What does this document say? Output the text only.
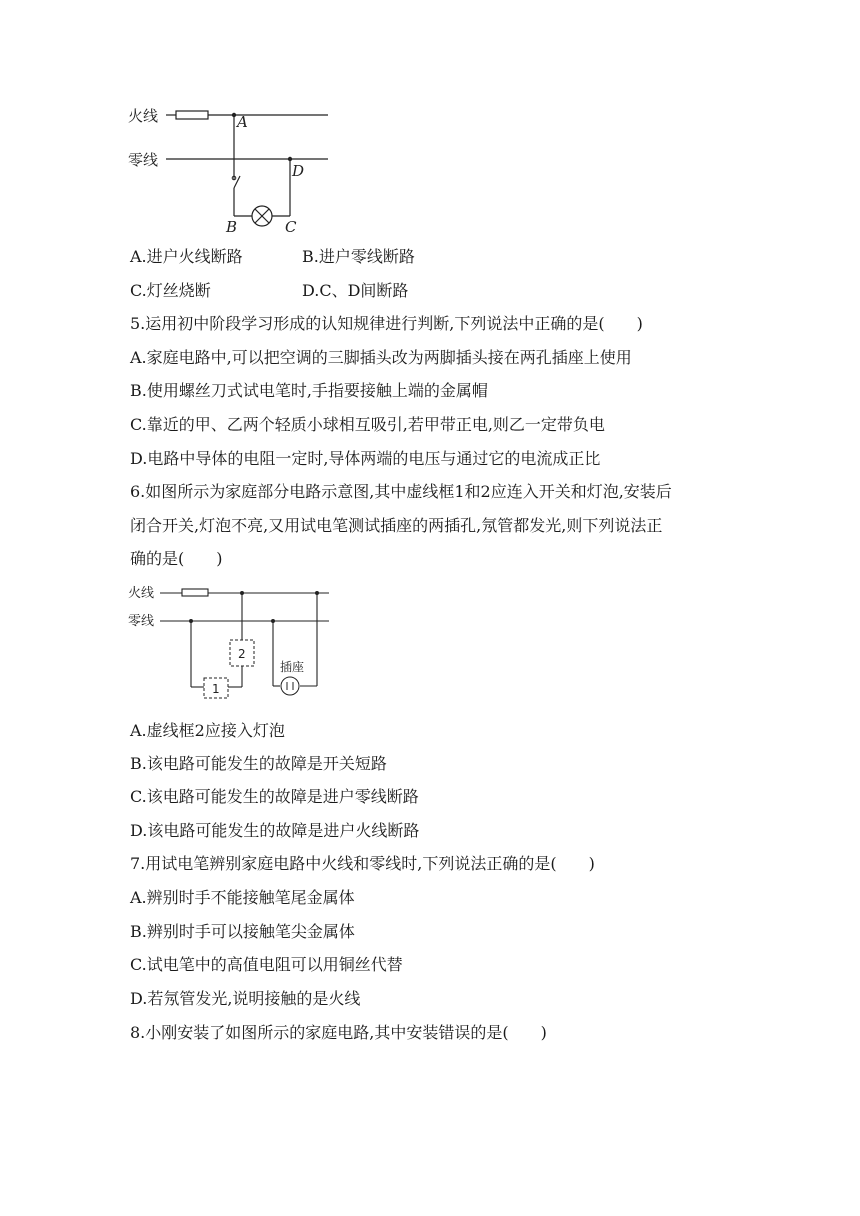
火线
零线
A
D
B	C
A.进户火线断路	B.进户零线断路
C.灯丝烧断	D.C、D间断路
5.运用初中阶段学习形成的认知规律进行判断,下列说法中正确的是(　　)
A.家庭电路中,可以把空调的三脚插头改为两脚插头接在两孔插座上使用
B.使用螺丝刀式试电笔时,手指要接触上端的金属帽
C.靠近的甲、乙两个轻质小球相互吸引,若甲带正电,则乙一定带负电
D.电路中导体的电阻一定时,导体两端的电压与通过它的电流成正比
6.如图所示为家庭部分电路示意图,其中虚线框1和2应连入开关和灯泡,安装后
闭合开关,灯泡不亮,又用试电笔测试插座的两插孔,氖管都发光,则下列说法正
确的是(　　)
火线
零线
1
2
插座
A.虚线框2应接入灯泡
B.该电路可能发生的故障是开关短路
C.该电路可能发生的故障是进户零线断路
D.该电路可能发生的故障是进户火线断路
7.用试电笔辨别家庭电路中火线和零线时,下列说法正确的是(　　)
A.辨别时手不能接触笔尾金属体
B.辨别时手可以接触笔尖金属体
C.试电笔中的高值电阻可以用铜丝代替
D.若氖管发光,说明接触的是火线
8.小刚安装了如图所示的家庭电路,其中安装错误的是(　　)
